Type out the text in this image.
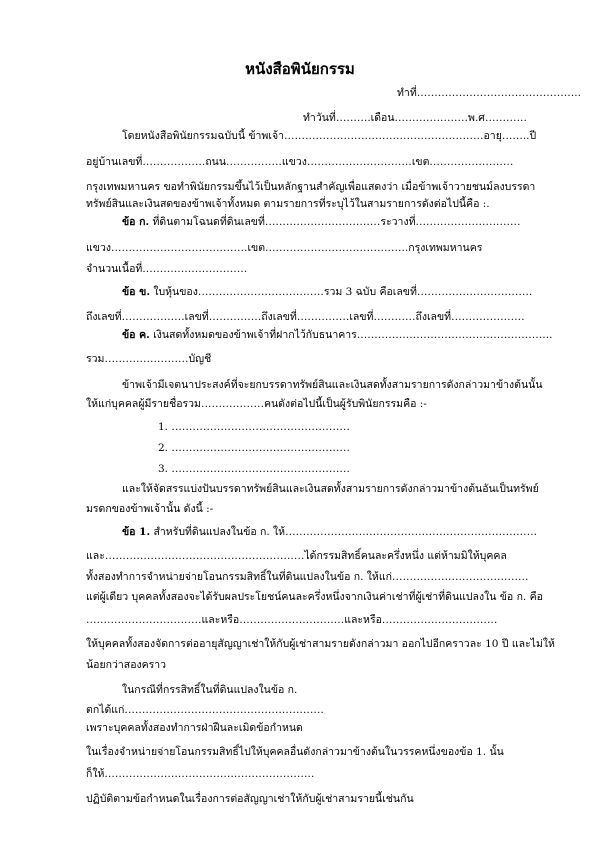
หนังสือพินัยกรรม
ทำที่………………………………………..
ทำวันที่……….เดือน…………………พ.ศ…………
โดยหนังสือพินัยกรรมฉบับนี้ ข้าพเจ้า…………………………………………………อายุ……..ปี
อยู่บ้านเลขที่………………ถนน…………….แขวง…………………………เขต……………………
กรุงเทพมหานคร ขอทำพินัยกรรมขึ้นไว้เป็นหลักฐานสำคัญเพื่อแสดงว่า เมื่อข้าพเจ้าวายชนม์ลงบรรดา
ทรัพย์สินและเงินสดของข้าพเจ้าทั้งหมด ตามรายการที่ระบุไว้ในสามรายการดังต่อไปนี้คือ :.
ข้อ ก. ที่ดินตามโฉนดที่ดินเลขที่……………………………ระวางที่…………………………
แขวง…………………………………เขต…………………………………..กรุงเทพมหานคร
จำนวนเนื้อที่…………………………
ข้อ ข. ใบหุ้นของ………………………………รวม 3 ฉบับ คือเลขที่……………………………
ถึงเลขที่………………เลขที่……………ถึงเลขที่……………เลขที่…………ถึงเลขที่…………………
ข้อ ค. เงินสดทั้งหมดของข้าพเจ้าที่ฝากไว้กับธนาคาร………………………………………………..
รวม……………………บัญชี
ข้าพเจ้ามีเจตนาประสงค์ที่จะยกบรรดาทรัพย์สินและเงินสดทั้งสามรายการดังกล่าวมาข้างต้นนั้น
ให้แก่บุคคลผู้มีรายชื่อรวม………………คนดังต่อไปนี้เป็นผู้รับพินัยกรรมคือ :-
1. ……………………………………………
2. ……………………………………………
3. ……………………………………………
และให้จัดสรรแบ่งปันบรรดาทรัพย์สินและเงินสดทั้งสามรายการดังกล่าวมาข้างต้นอันเป็นทรัพย์
มรดกของข้าพเจ้านั้น ดังนี้ :-
ข้อ 1. สำหรับที่ดินแปลงในข้อ ก. ให้………………………………………………………………
และ…………………………………………………ได้กรรมสิทธิ์คนละครึ่งหนึ่ง แต่ห้ามมิให้บุคคล
ทั้งสองทำการจำหน่ายจ่ายโอนกรรมสิทธิ์ในที่ดินแปลงในข้อ ก. ให้แก่…………………………………
แต่ผู้เดียว บุคคลทั้งสองจะได้รับผลประโยชน์คนละครึ่งหนึ่งจากเงินค่าเช่าที่ผู้เช่าที่ดินแปลงใน ข้อ ก. คือ
……………………………และหรือ…………………………และหรือ……………………………
ให้บุคคลทั้งสองจัดการต่ออายุสัญญาเช่าให้กับผู้เช่าสามรายดังกล่าวมา ออกไปอีกคราวละ 10 ปี และไม่ให้
น้อยกว่าสองคราว
ในกรณีที่กรรสิทธิ์ในที่ดินแปลงในข้อ ก.
ตกได้แก่…………………………………………………
เพราะบุคคลทั้งสองทำการฝ่าฝืนละเมิดข้อกำหนด
ในเรื่องจำหน่ายจ่ายโอนกรรมสิทธิ์ไปให้บุคคลอื่นดังกล่าวมาข้างต้นในวรรคหนึ่งของข้อ 1. นั้น
ก็ให้……………………………………………………
ปฏิบัติตามข้อกำหนดในเรื่องการต่อสัญญาเช่าให้กับผู้เช่าสามรายนี้เช่นกัน
